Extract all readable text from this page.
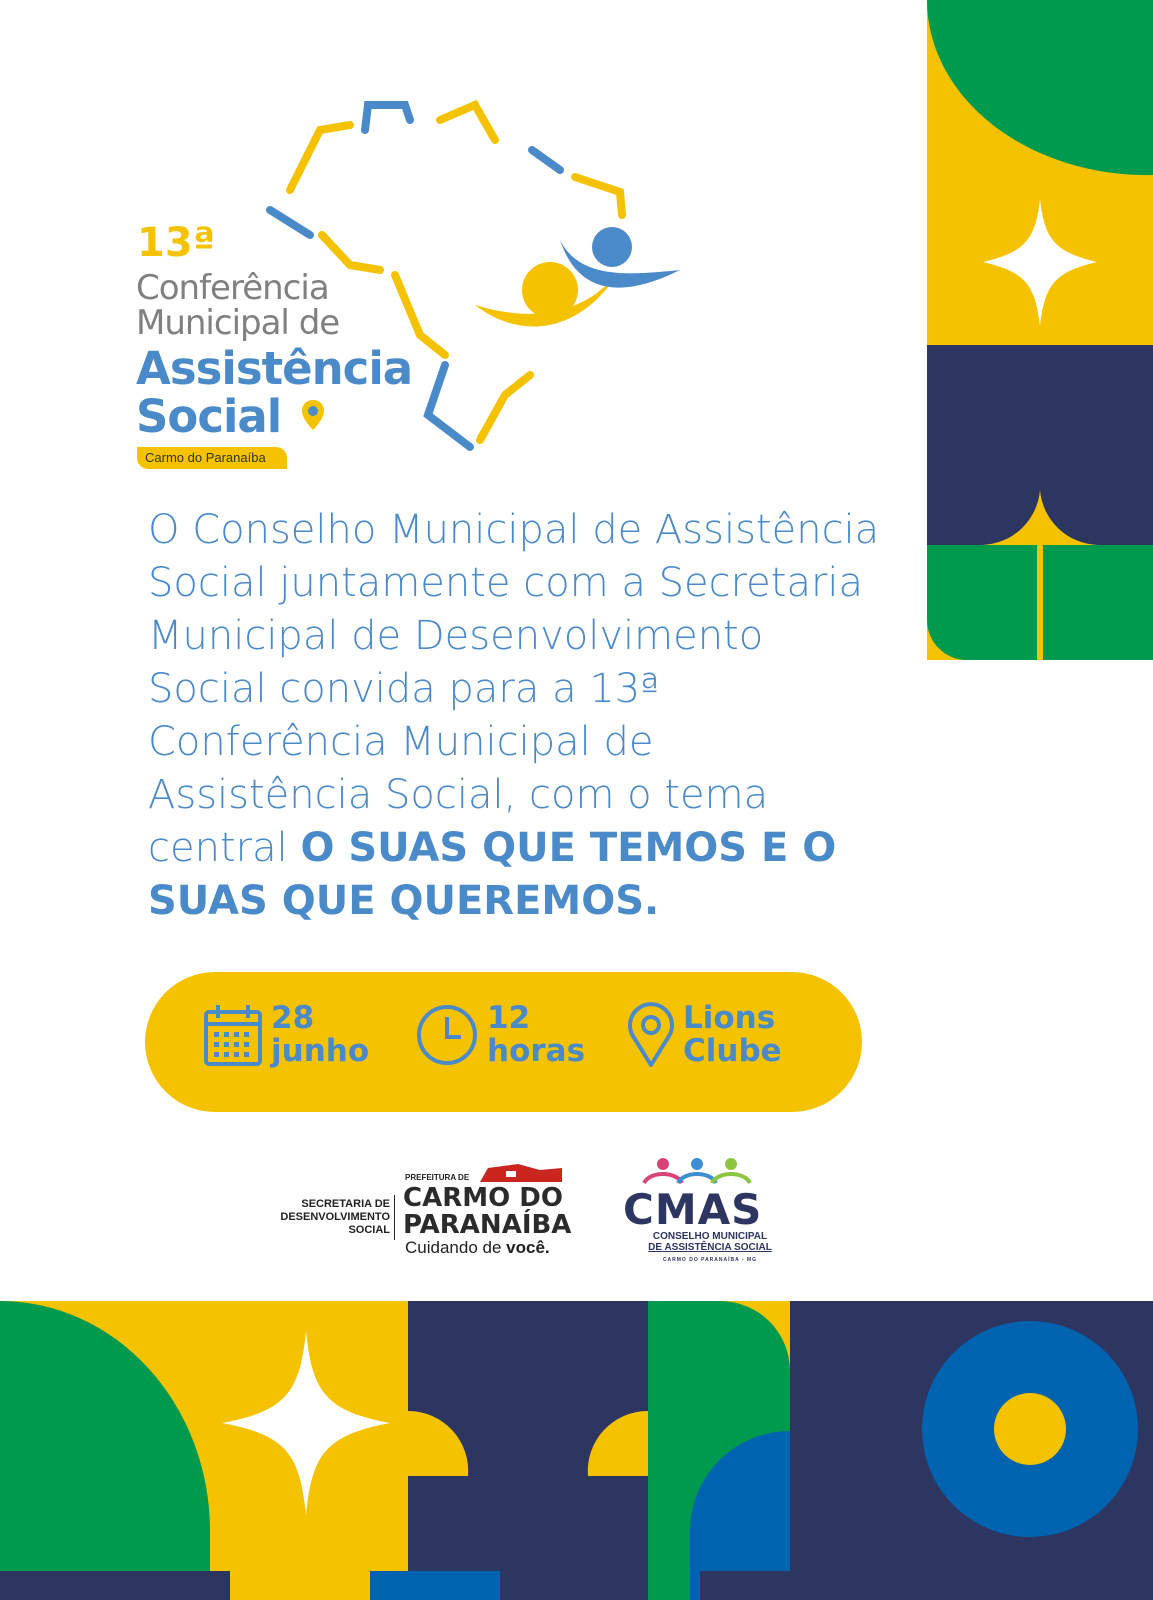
13ª
Conferência
Municipal de
Assistência
Social
Carmo do Paranaíba
O Conselho Municipal de Assistência Social juntamente com a Secretaria Municipal de Desenvolvimento Social convida para a 13ª Conferência Municipal de Assistência Social, com o tema central O SUAS QUE TEMOS E O SUAS QUE QUEREMOS.
28
junho
12
horas
Lions
Clube
SECRETARIA DE DESENVOLVIMENTO SOCIAL
PREFEITURA DE
CARMO DO
PARANAÍBA
Cuidando de você.
CMAS
CONSELHO MUNICIPAL
DE ASSISTÊNCIA SOCIAL
CARMO DO PARANAÍBA - MG
